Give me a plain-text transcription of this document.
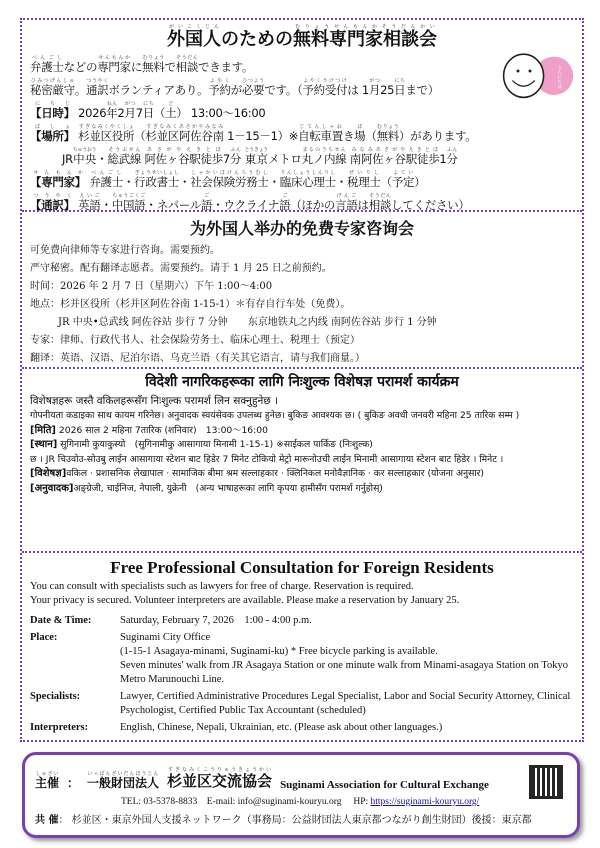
外国人がいこくじんのための無料専門家相談会むりょうせんもんかそうだんかい
弁護士べんごしなどの専門家せんもんかに無料むりょうで相談そうだんできます。
秘密厳守ひみつげんしゅ。通訳つうやくボランティアあり。予約よやくが必要ひつようです。（予約受付よやくうけつけは 1月がつ25日にちまで）
【日時】にちじ 2026年ねん2月がつ7日にち（土ど） 13:00～16:00
【場所】ばしょ 杉並区役所すぎなみくやくしょ（杉並区阿佐谷南すぎなみくあさがやみなみ 1－15－1）※自転車置じてんしゃおき場ば（無料むりょう）があります。
JR中央ちゅうおう・総武線そうぶせん 阿佐ヶ谷駅徒歩あさがやえきとほ7分ふん 東京とうきょうメトロ丸ノ内線まるのうちせん 南阿佐ヶ谷駅徒歩みなみあさがやえきとほ1分ふん
【専門家】せんもんか 弁護士べんごし・行政書士ぎょうせいしょし・社会保険労務士しゃかいほけんろうむし・臨床心理士りんしょうしんりし・税理士ぜいりし（予定よてい）
【通訳】つうやく 英語えいご・中国語ちゅうごくご・ネパール語ご・ウクライナ語ご（ほかの言語げんごは相談そうだんしてください）
こんにちは
为外国人举办的免费专家咨询会
可免费向律师等专家进行咨询。需要预约。
严守秘密。配有翻译志愿者。需要预约。请于 1 月 25 日之前预约。
时间：2026 年 2 月 7 日（星期六）下午 1:00～4:00
地点：杉并区役所（杉并区阿佐谷南 1-15-1）＊有存自行车处（免费）。
JR 中央•总武线 阿佐谷站 步行 7 分钟　　东京地铁丸之内线 南阿佐谷站 步行 1 分钟
专家：律师、行政代书人、社会保险劳务士、临床心理士、税理士（预定）
翻译：英语、汉语、尼泊尔语、乌克兰语（有关其它语言，请与我们商量。）
विदेशी नागरिकहरूका लागि निःशुल्क विशेषज्ञ परामर्श कार्यक्रम
विशेषज्ञहरू जस्तै वकिलहरूसँग निःशुल्क परामर्श लिन सक्नुहुनेछ ।
गोपनीयता कडाइका साथ कायम गरिनेछ। अनुवादक स्वयंसेवक उपलब्ध हुनेछ। बुकिङ आवश्यक छ। ( बुकिङ अवधी जनवरी महिना 25 तारिक सम्म )
[मिति] 2026 साल 2 महिना 7तारिक (शनिवार)　13:00～16:00
[स्थान] सुगिनामी कुयाकुस्यो　(सुगिनामीकु आसागाया मिनामी 1-15-1) ※साईकल पार्किङ (निःशुल्क)
छ । JR चिउवोउ-सोउबु लाईन आसागाया स्टेशन बाट हिडेर 7 मिनेट टोकियो मेट्रो मारूनोउची लाईन मिनामी आसागाया स्टेशन बाट हिडेर । मिनेट ।
[विशेषज्ञ]वकिल · प्रशासनिक लेखापाल · सामाजिक बीमा श्रम सल्लाहकार · क्लिनिकल मनोवैज्ञानिक · कर सल्लाहकार (योजना अनुसार)
[अनुवादक]अङ्ग्रेजी, चाईनिज, नेपाली, युक्रेनी　(अन्य भाषाहरूका लागि कृपया हामीसँग परामर्श गर्नुहोस्)
Free Professional Consultation for Foreign Residents
You can consult with specialists such as lawyers for free of charge. Reservation is required.
Your privacy is secured. Volunteer interpreters are available. Please make a reservation by January 25.
Date & Time:	Saturday, February 7, 2026　1:00 - 4:00 p.m.
Place:	Suginami City Office
(1-15-1 Asagaya-minami, Suginami-ku) * Free bicycle parking is available.
Seven minutes' walk from JR Asagaya Station or one minute walk from Minami-asagaya Station on Tokyo Metro Marunouchi Line.
Specialists:	Lawyer, Certified Administrative Procedures Legal Specialist, Labor and Social Security Attorney, Clinical Psychologist, Certified Public Tax Accountant (scheduled)
Interpreters:	English, Chinese, Nepali, Ukrainian, etc. (Please ask about other languages.)
主催しゅさい
： 一般財団法人いっぱんざいだんほうじん 杉並区交流協会すぎなみくこうりゅうきょうかい
Suginami Association for Cultural Exchange
TEL: 03-5378-8833 E-mail: info@suginami-kouryu.org HP: https://suginami-kouryu.org/
共 催： 杉並区・東京外国人支援ネットワーク（事務局：公益財団法人東京都つながり創生財団）後援：東京都
